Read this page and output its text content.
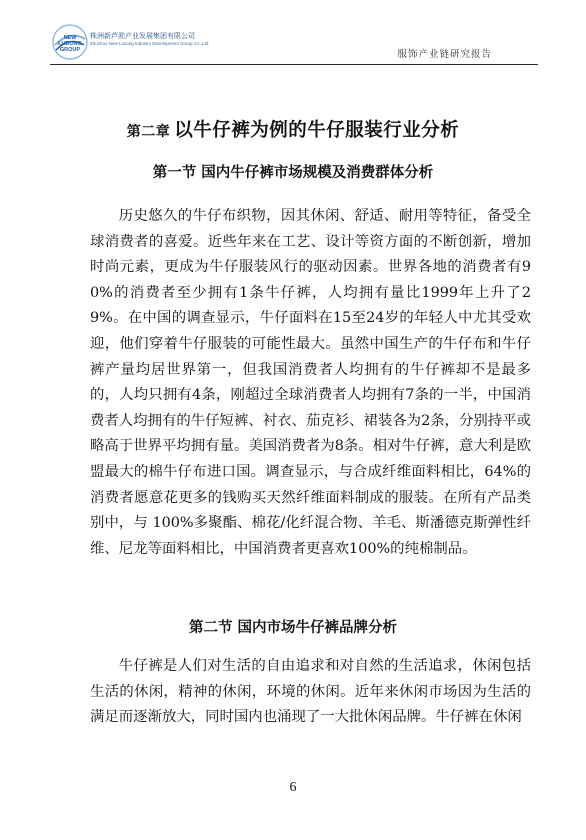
NEW
LUDONG
GROUP
株洲新芦淞产业发展集团有限公司
Zhuzhou New Lusong Industry Development Group Co.,Ltd
服饰产业链研究报告
第二章 以牛仔裤为例的牛仔服装行业分析
第一节 国内牛仔裤市场规模及消费群体分析

历史悠久的牛仔布织物，因其休闲、舒适、耐用等特征，备受全球消费者的喜爱。近些年来在工艺、设计等资方面的不断创新，增加时尚元素，更成为牛仔服装风行的驱动因素。世界各地的消费者有90%的消费者至少拥有1条牛仔裤，人均拥有量比1999年上升了29%。在中国的调查显示，牛仔面料在15至24岁的年轻人中尤其受欢迎，他们穿着牛仔服装的可能性最大。虽然中国生产的牛仔布和牛仔裤产量均居世界第一，但我国消费者人均拥有的牛仔裤却不是最多的，人均只拥有4条，刚超过全球消费者人均拥有7条的一半，中国消费者人均拥有的牛仔短裤、衬衣、茄克衫、裙装各为2条，分别持平或略高于世界平均拥有量。美国消费者为8条。相对牛仔裤，意大利是欧盟最大的棉牛仔布进口国。调查显示，与合成纤维面料相比，64%的消费者愿意花更多的钱购买天然纤维面料制成的服装。在所有产品类别中，与 100%多聚酯、棉花/化纤混合物、羊毛、斯潘德克斯弹性纤维、尼龙等面料相比，中国消费者更喜欢100%的纯棉制品。

第二节 国内市场牛仔裤品牌分析

牛仔裤是人们对生活的自由追求和对自然的生活追求，休闲包括生活的休闲，精神的休闲，环境的休闲。近年来休闲市场因为生活的满足而逐渐放大，同时国内也涌现了一大批休闲品牌。牛仔裤在休闲

6
